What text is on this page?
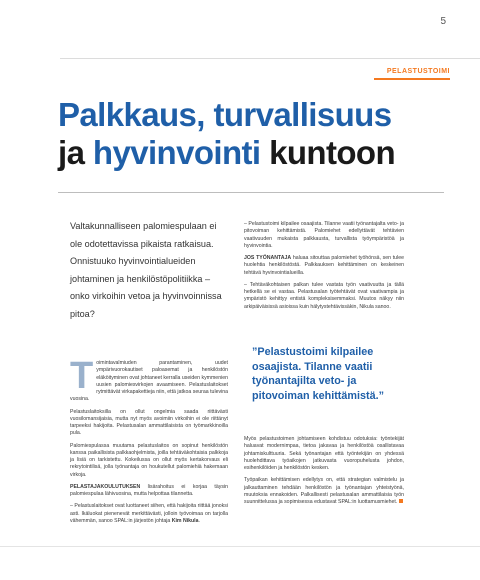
5
PELASTUSTOIMI
Palkkaus, turvallisuus
ja hyvinvointi kuntoon
Valtakunnalliseen palomiespulaan ei ole odotettavissa pikaista ratkaisua. Onnistuuko hyvinvointialueiden johtaminen ja henkilöstöpolitiikka – onko virkoihin vetoa ja hyvinvoinnissa pitoa?

Toimintavalmiuden parantaminen, uudet ympärivuorokautiset paloasemat ja henkilöstön eläköityminen ovat johtaneet kerralla useiden kymmenien uusien palomiesvirkojen avaamiseen. Pelastuslaitokset rytmittävät virkapakettieja niin, että jatkoa seuraa tulevina vuosina.

Pelastuslaitoksilla on ollut ongelmia saada riittävästi vuosilomansijaisia, mutta nyt myös avoimiin virkoihin ei ole riittänyt tarpeeksi hakijoita. Pelastusalan ammattilaisista on työmarkkinoilla pula.

Palomiespulassa muutama pelastuslaitos on sopinut henkilöstön kanssa paikallisista palkkaohjelmista, joilla tehtäväkohtaisia palkkoja ja lisiä on tarkistettu. Kokeilussa on ollut myös kertakorvaus eli rekrytointilisä, jolla työnantaja on houkutellut palomiehiä hakemaan virkoja.

PELASTAJAKOULUTUKSEN lisärahoitus ei korjaa täysin palomiespulaa lähivuosina, mutta helpottaa tilannetta.

– Pelastuslaitokset ovat luottaneet siihen, että hakijoita riittää jonoksi asti. Ikäluokat pienenevät merkittävästi, jolloin työvoimaa on tarjolla vähemmän, sanoo SPAL:in järjestön johtaja Kim Nikula.

– Pelastustoimi kilpailee osaajista. Tilanne vaatii työnantajalta veto- ja pitovoiman kehittämistä. Palomiehet edellyttävät tehtävien vaativuuden mukaista palkkausta, turvallista työympäristöä ja hyvinvointia.

JOS TYÖNANTAJA haluaa sitouttaa palomiehet työhönsä, sen tulee huolehtia henkilöstöstä. Palkkauksen kehittäminen on keskeinen tehtävä hyvinvointialueilla.

– Tehtäväkohtaisen palkan tulee vastata työn vaativuutta ja tällä hetkellä se ei vastaa. Pelastusalan työtehtävät ovat vaativampia ja ympäristö kehittyy entistä kompleksisemmaksi. Muutos näkyy niin arkipäiväisissä asioissa kuin hälytystehtävissäkin, Nikula sanoo.

”Pelastustoimi kilpailee osaajista. Tilanne vaatii työnantajilta veto- ja pitovoiman kehittämistä.”

Myös pelastustoimen johtamiseen kohdistuu odotuksia: työntekijät haluavat modernimpaa, tietoa jakavaa ja henkilöstöä osallistavaa johtamiskulttuuria. Sekä työnantajan että työntekijän on yhdessä huolehdittava työaikojen jatkuvasta vuoropuhelusta johdon, esihenkilöiden ja henkilöstön kesken.

Työpaikan kehittämisen edellytys on, että strategian valmistelu ja jalkauttaminen tehdään henkilöstön ja työnantajan yhteistyönä, muutoksia ennakoiden. Palkallisesti pelastusalan ammattilaisia työn suunnittelussa ja sopimisessa edustavat SPAL:in luottamusmiehet.
